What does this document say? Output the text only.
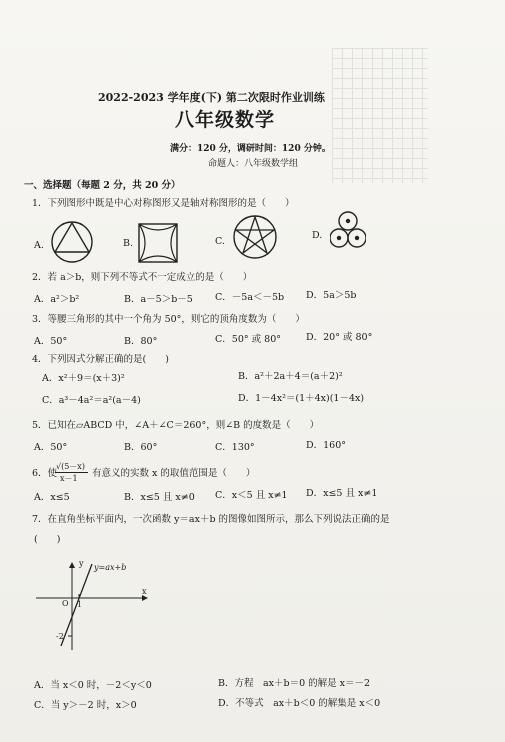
2022-2023 学年度(下) 第二次限时作业训练
八年级数学
满分：120 分，调研时间：120 分钟。
命题人：八年级数学组
一、选择题（每题 2 分，共 20 分）
1．下列图形中既是中心对称图形又是轴对称图形的是（　　）
A.	B.	C.
D.
2．若 a＞b，则下列不等式不一定成立的是（　　）
A．a²＞b²	B．a－5＞b－5 C．－5a＜－5b D．5a＞5b
3．等腰三角形的其中一个角为 50°，则它的顶角度数为（　　）
A．50°	B．80°	C．50° 或 80°	D．20° 或 80°
4．下列因式分解正确的是(　　)
A．x²＋9＝(x＋3)²	B．a²＋2a＋4＝(a＋2)²
C．a³－4a²＝a²(a－4)	D．1－4x²＝(1＋4x)(1－4x)
5．已知在▱ABCD 中，∠A＋∠C＝260°，则∠B 的度数是（　　）
A．50°	B．60°	C．130°	D．160°
6．使
√(5－x)
x－1 有意义的实数 x 的取值范围是（　　）
A．x≤5	B．x≤5 且 x≠0 C．x＜5 且 x≠1 D．x≤5 且 x≠1
7．在直角坐标平面内，一次函数 y＝ax＋b 的图像如图所示，那么下列说法正确的是
(　　)
y y=ax+b
x
O 1
-2
A．当 x＜0 时，－2＜y＜0	B．方程　ax＋b＝0 的解是 x＝－2
C．当 y＞－2 时，x＞0	D．不等式　ax＋b＜0 的解集是 x＜0
